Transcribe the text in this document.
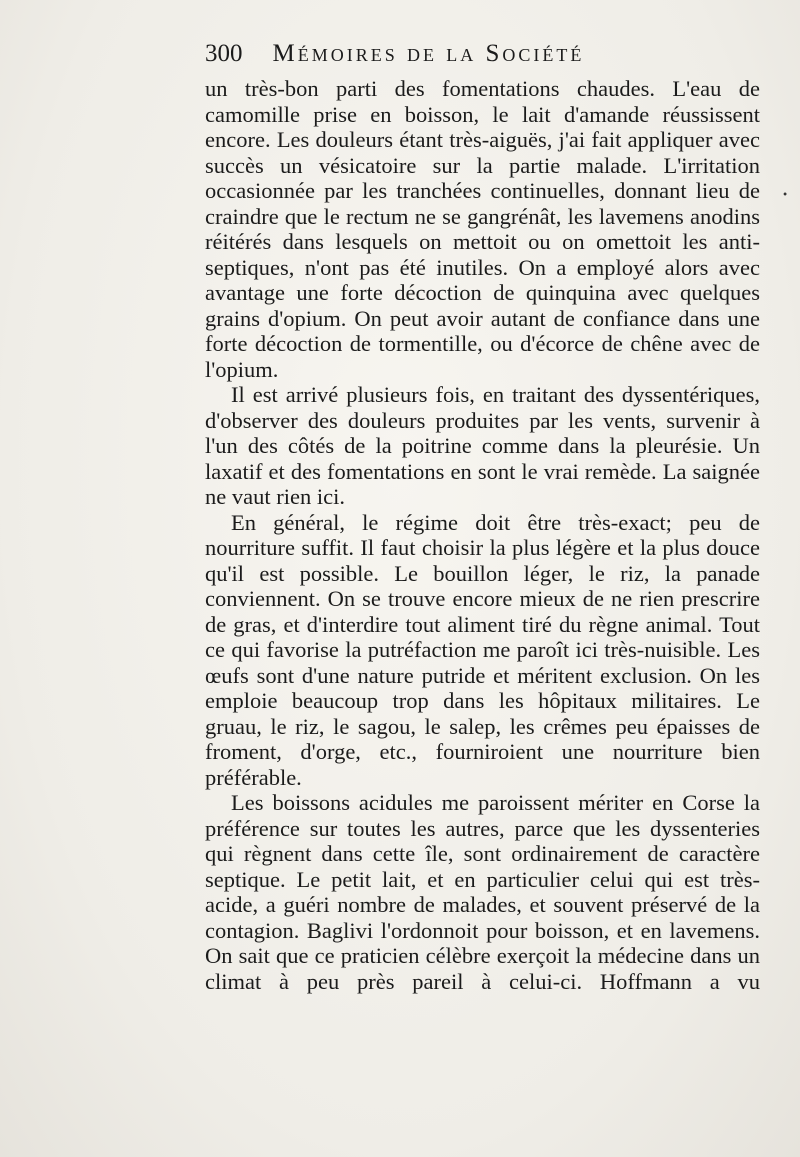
300 Mémoires de la Société

un très-bon parti des fomentations chaudes. L'eau de camomille prise en boisson, le lait d'amande réussissent encore. Les douleurs étant très-aiguës, j'ai fait appliquer avec succès un vésicatoire sur la partie malade. L'irritation occasionnée par les tranchées continuelles, donnant lieu de craindre que le rectum ne se gangrénât, les lavemens anodins réitérés dans lesquels on mettoit ou on omettoit les anti-septiques, n'ont pas été inutiles. On a employé alors avec avantage une forte décoction de quinquina avec quelques grains d'opium. On peut avoir autant de confiance dans une forte décoction de tormentille, ou d'écorce de chêne avec de l'opium.

Il est arrivé plusieurs fois, en traitant des dyssentériques, d'observer des douleurs produites par les vents, survenir à l'un des côtés de la poitrine comme dans la pleurésie. Un laxatif et des fomentations en sont le vrai remède. La saignée ne vaut rien ici.

En général, le régime doit être très-exact; peu de nourriture suffit. Il faut choisir la plus légère et la plus douce qu'il est possible. Le bouillon léger, le riz, la panade conviennent. On se trouve encore mieux de ne rien prescrire de gras, et d'interdire tout aliment tiré du règne animal. Tout ce qui favorise la putréfaction me paroît ici très-nuisible. Les œufs sont d'une nature putride et méritent exclusion. On les emploie beaucoup trop dans les hôpitaux militaires. Le gruau, le riz, le sagou, le salep, les crêmes peu épaisses de froment, d'orge, etc., fourniroient une nourriture bien préférable.

Les boissons acidules me paroissent mériter en Corse la préférence sur toutes les autres, parce que les dyssenteries qui règnent dans cette île, sont ordinairement de caractère septique. Le petit lait, et en particulier celui qui est très-acide, a guéri nombre de malades, et souvent préservé de la contagion. Baglivi l'ordonnoit pour boisson, et en lavemens. On sait que ce praticien célèbre exerçoit la médecine dans un climat à peu près pareil à celui-ci. Hoffmann a vu

•
